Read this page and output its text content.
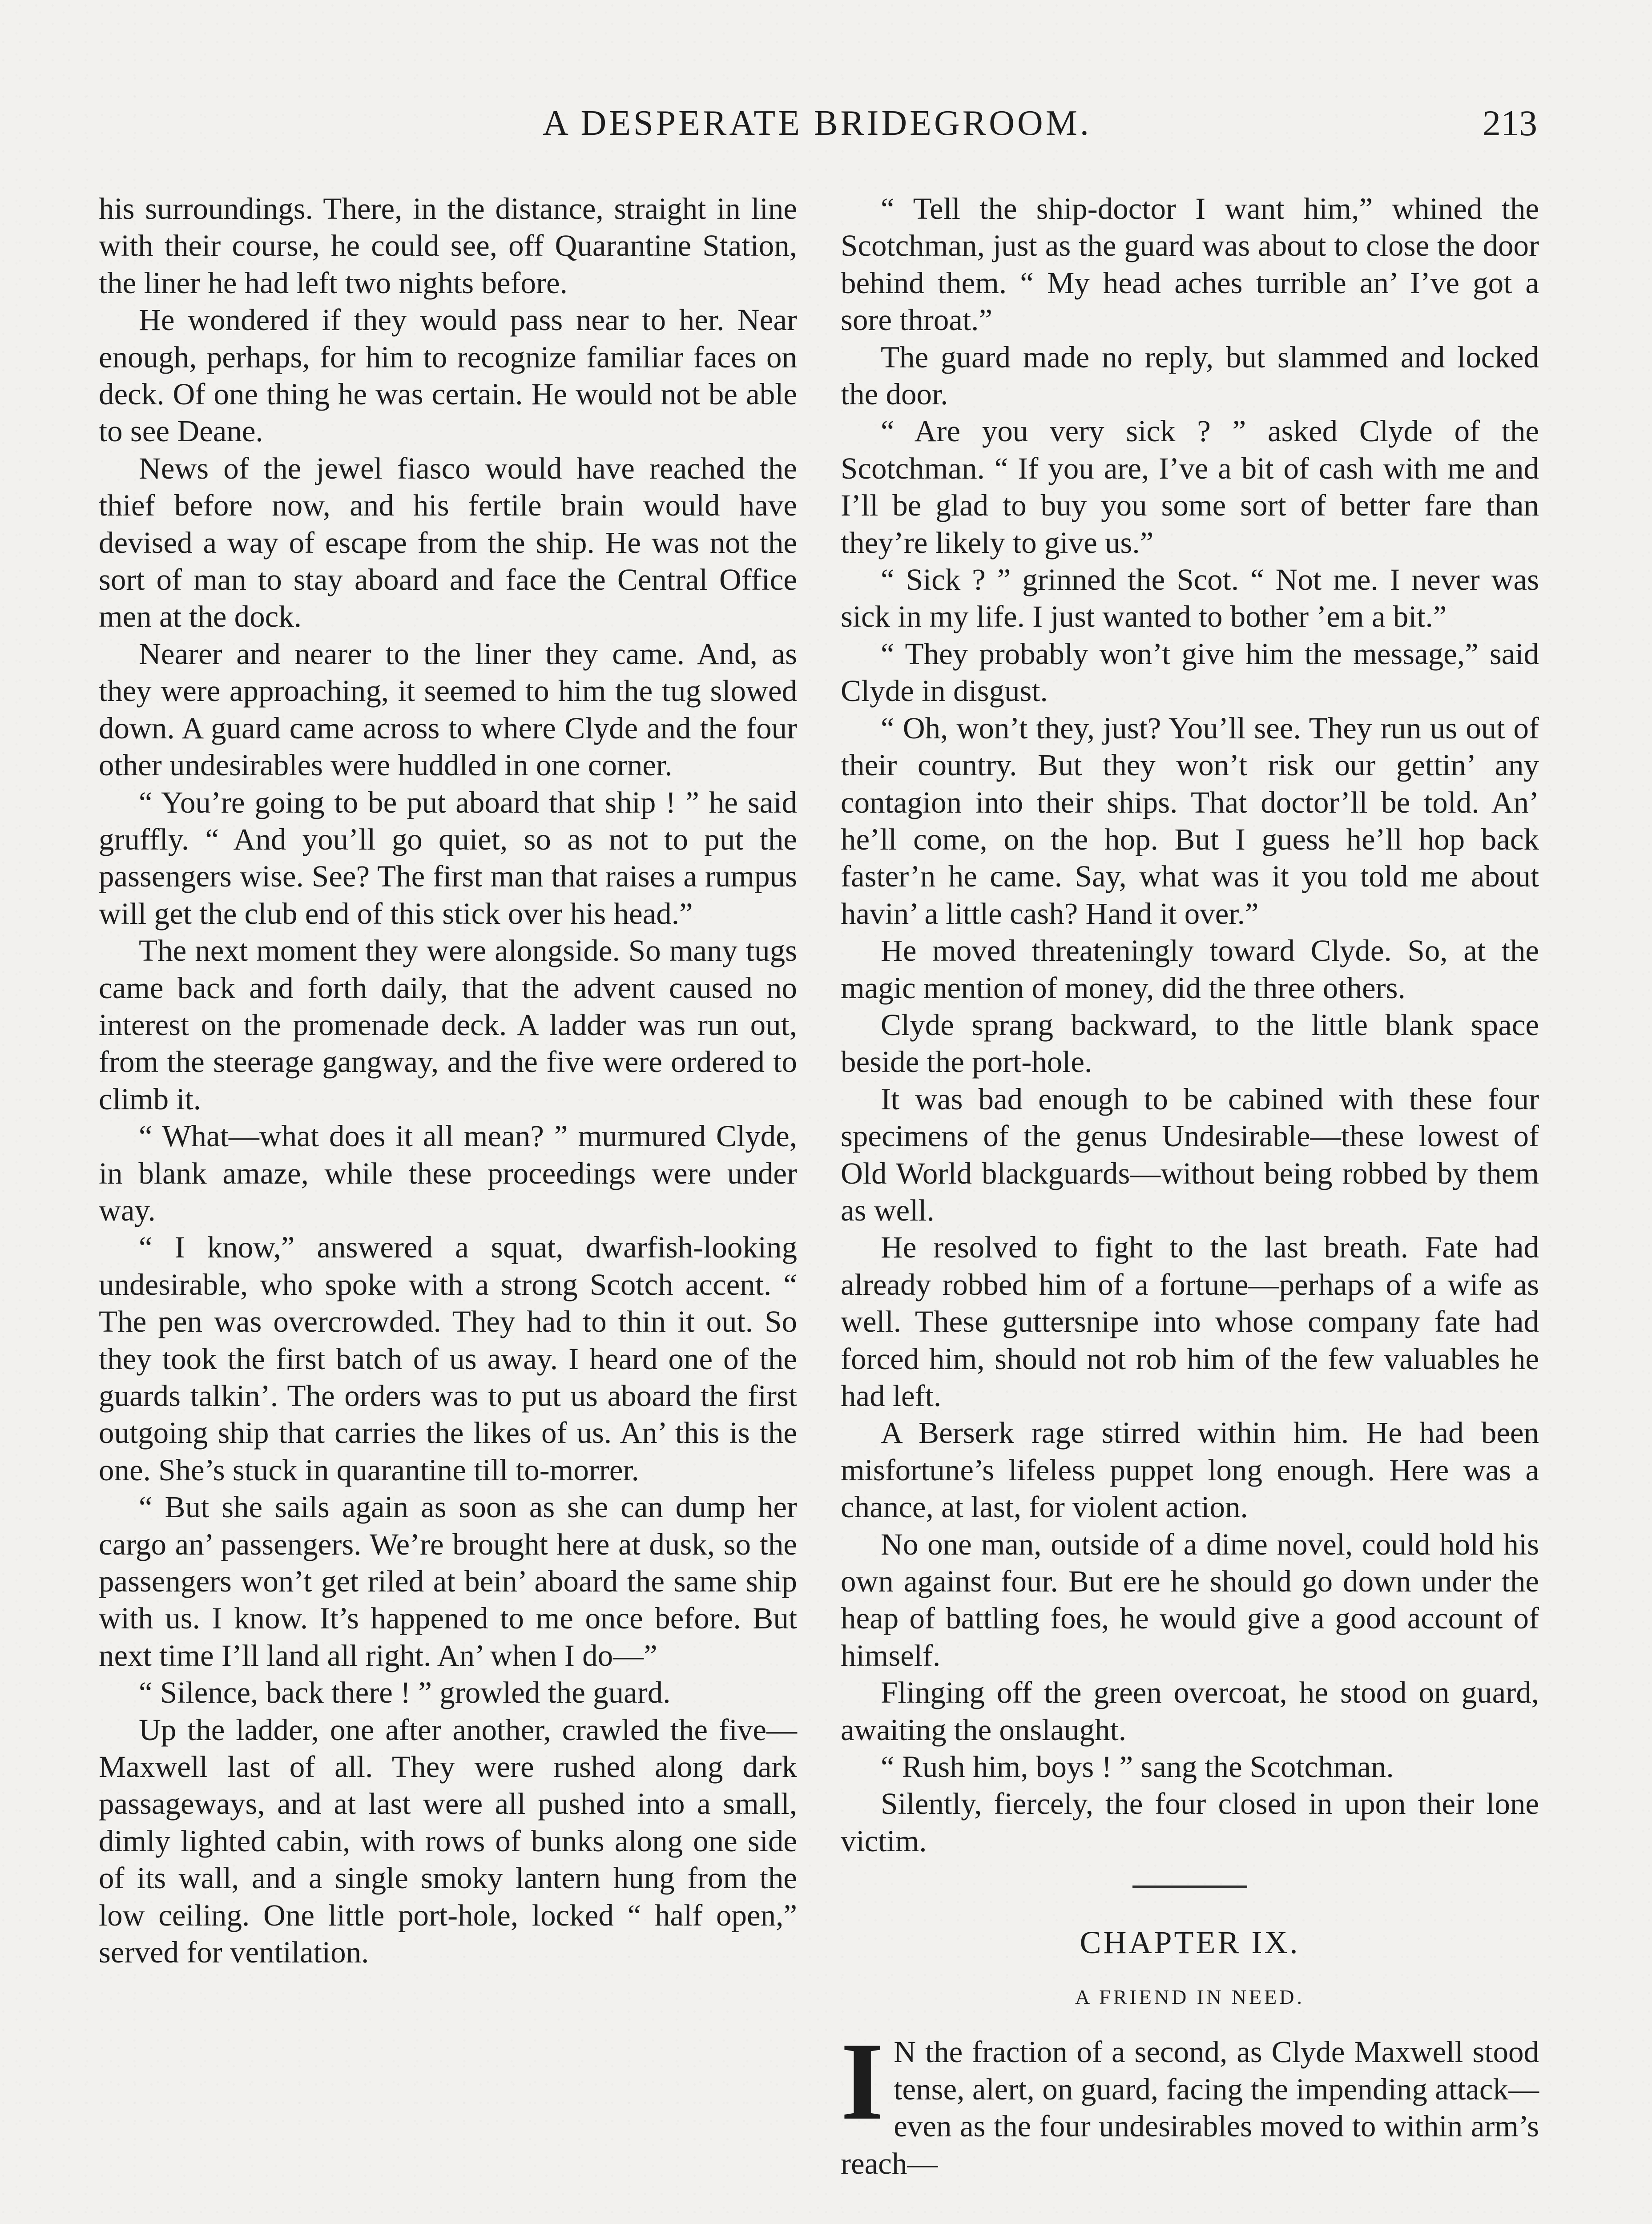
A DESPERATE BRIDEGROOM.	213

his surroundings. There, in the distance, straight in line with their course, he could see, off Quarantine Station, the liner he had left two nights before.

He wondered if they would pass near to her. Near enough, perhaps, for him to recognize familiar faces on deck. Of one thing he was certain. He would not be able to see Deane.

News of the jewel fiasco would have reached the thief before now, and his fertile brain would have devised a way of escape from the ship. He was not the sort of man to stay aboard and face the Central Office men at the dock.

Nearer and nearer to the liner they came. And, as they were approaching, it seemed to him the tug slowed down. A guard came across to where Clyde and the four other undesirables were huddled in one corner.

“ You’re going to be put aboard that ship ! ” he said gruffly. “ And you’ll go quiet, so as not to put the passengers wise. See? The first man that raises a rumpus will get the club end of this stick over his head.”

The next moment they were alongside. So many tugs came back and forth daily, that the advent caused no interest on the promenade deck. A ladder was run out, from the steerage gangway, and the five were ordered to climb it.

“ What—what does it all mean? ” murmured Clyde, in blank amaze, while these proceedings were under way.

“ I know,” answered a squat, dwarfish-looking undesirable, who spoke with a strong Scotch accent. “ The pen was overcrowded. They had to thin it out. So they took the first batch of us away. I heard one of the guards talkin’. The orders was to put us aboard the first outgoing ship that carries the likes of us. An’ this is the one. She’s stuck in quarantine till to-morrer.

“ But she sails again as soon as she can dump her cargo an’ passengers. We’re brought here at dusk, so the passengers won’t get riled at bein’ aboard the same ship with us. I know. It’s happened to me once before. But next time I’ll land all right. An’ when I do—”

“ Silence, back there ! ” growled the guard.

Up the ladder, one after another, crawled the five—Maxwell last of all. They were rushed along dark passageways, and at last were all pushed into a small, dimly lighted cabin, with rows of bunks along one side of its wall, and a single smoky lantern hung from the low ceiling. One little port-hole, locked “ half open,” served for ventilation.

“ Tell the ship-doctor I want him,” whined the Scotchman, just as the guard was about to close the door behind them. “ My head aches turrible an’ I’ve got a sore throat.”

The guard made no reply, but slammed and locked the door.

“ Are you very sick ? ” asked Clyde of the Scotchman. “ If you are, I’ve a bit of cash with me and I’ll be glad to buy you some sort of better fare than they’re likely to give us.”

“ Sick ? ” grinned the Scot. “ Not me. I never was sick in my life. I just wanted to bother ’em a bit.”

“ They probably won’t give him the message,” said Clyde in disgust.

“ Oh, won’t they, just? You’ll see. They run us out of their country. But they won’t risk our gettin’ any contagion into their ships. That doctor’ll be told. An’ he’ll come, on the hop. But I guess he’ll hop back faster’n he came. Say, what was it you told me about havin’ a little cash? Hand it over.”

He moved threateningly toward Clyde. So, at the magic mention of money, did the three others.

Clyde sprang backward, to the little blank space beside the port-hole.

It was bad enough to be cabined with these four specimens of the genus Undesirable—these lowest of Old World blackguards—without being robbed by them as well.

He resolved to fight to the last breath. Fate had already robbed him of a fortune—perhaps of a wife as well. These guttersnipe into whose company fate had forced him, should not rob him of the few valuables he had left.

A Berserk rage stirred within him. He had been misfortune’s lifeless puppet long enough. Here was a chance, at last, for violent action.

No one man, outside of a dime novel, could hold his own against four. But ere he should go down under the heap of battling foes, he would give a good account of himself.

Flinging off the green overcoat, he stood on guard, awaiting the onslaught.

“ Rush him, boys ! ” sang the Scotchman.

Silently, fiercely, the four closed in upon their lone victim.

CHAPTER IX.
A FRIEND IN NEED.
I N the fraction of a second, as Clyde Maxwell stood tense, alert, on guard, facing the impending attack—even as the four undesirables moved to within arm’s reach—
